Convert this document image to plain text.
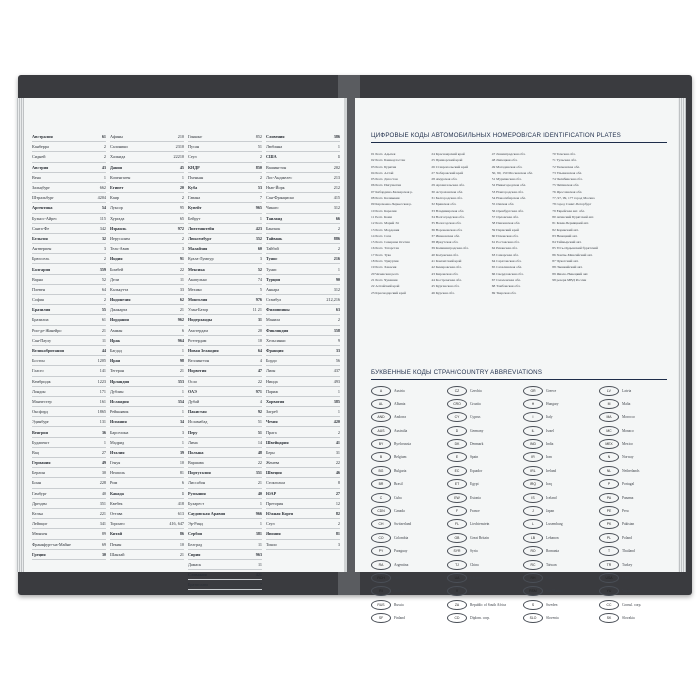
Австралия	61
Канберра	2
Сидней	2
Австрия	43
Вена	1
Зальцбург	662
Штральбург	4204
Аргентина	54
Буэнос-Айрес	115
Санта-Фе	342
Бельгия	32
Антверпен	3
Брюссель	2
Болгария	359
Варна	52
Плевен	64
София	2
Бразилия	55
Бразилиа	61
Рио-де-Жанейро	21
Сан-Паулу	11
Великобритания	44
Бостон	1205
Гласго	141
Кембридж	1223
Лондон	171
Манчестер	161
Оксфорд	1865
Эдинбург	131
Венгрия	36
Будапешт	1
Вац	27
Германия	49
Берлин	30
Бонн	228
Гамбург	40
Дрезден	351
Кельн	221
Лейпциг	341
Мюнхен	89
Франкфурт-на-Майне	69
Греция	30
Афины	210
Салоники	2310
Халкида	22210
Дания	45
Копенгаген	1
Египет	20
Каир	2
Луксор	95
Хургада	65
Израиль	972
Иерусалим	2
Тель-Авив	3
Индия	91
Бомбей	22
Дели	11
Калькутта	33
Индонезия	62
Джакарта	21
Иордания	962
Амман	6
Ирак	964
Багдад	1
Иран	98
Тегеран	21
Ирландия	353
Дублин	1
Исландия	354
Рейкьявик	1
Испания	34
Барселона	3
Мадрид	1
Италия	39
Генуя	10
Неаполь	81
Рим	6
Канада	1
Квебек	418
Оттава	613
Торонто	416, 647
Китай	86
Пекин	10
Шанхай	21
Гонконг	852
Пусан	51
Сеул	2
КНДР	850
Пхеньян	2
Куба	53
Гавана	7
Кувейт	965
Бейрут	1
Лихтенштейн	423
Люксембург	352
Малайзия	60
Куала-Лумпур	3
Мексика	52
Акапулько	74
Мехико	5
Монголия	976
Улан-Батор	11 21
Нидерланды	31
Амстердам	20
Роттердам	10
Новая Зеландия	64
Веллингтон	4
Норвегия	47
Осло	22
ОАЭ	971
Дубай	4
Пакистан	92
Исламабад	51
Перу	51
Лима	14
Польша	48
Варшава	22
Португалия	351
Лиссабон	21
Румыния	40
Бухарест	1
Саудовская Аравия	966
Эр-Рияд	1
Сербия	381
Белград	11
Сирия	963
Дамаск	11
Словакия	421
Братислава	7
Словения	386
Любляна	1
США	1
Вашингтон	202
Лос-Анджелес	213
Нью-Йорк	212
Сан-Франциско	415
Чикаго	312
Таиланд	66
Бангкок	2
Тайвань	886
Тайбэй	2
Тунис	216
Тунис	1
Турция	90
Анкара	312
Стамбул	212,216
Филиппины	63
Манила	2
Финляндия	358
Хельсинки	9
Франция	33
Бордо	56
Лион	437
Ницца	493
Париж	1
Хорватия	385
Загреб	1
Чехия	420
Прага	2
Швейцария	41
Берн	31
Женева	22
Швеция	46
Стокгольм	8
ЮАР	27
Претория	12
Южная Корея	82
Сеул	2
Япония	81
Токио	3
ЦИФРОВЫЕ КОДЫ АВТОМОБИЛЬНЫХ НОМЕРОВ/CAR IDENTIFICATION PLATES
01 Респ. Адыгея
02 Респ. Башкортостан
03 Респ. Бурятия
04 Респ. Алтай
05 Респ. Дагестан
06 Респ. Ингушетия
07 Кабардино-Балкарская р.
08 Респ. Калмыкия
09 Карачаево-Черкесская р.
10 Респ. Карелия
11 Респ. Коми
12 Респ. Марий Эл
13 Респ. Мордовия
14 Респ. Саха
15 Респ. Северная Осетия
16 Респ. Татарстан
17 Респ. Тува
18 Респ. Удмуртия
19 Респ. Хакасия
20 Чеченская респ.
21 Респ. Чувашия
22 Алтайский край
23 Краснодарский край
24 Красноярский край
25 Приморский край
26 Ставропольский край
27 Хабаровский край
28 Амурская обл.
29 Архангельская обл.
30 Астраханская обл.
31 Белгородская обл.
32 Брянская обл.
33 Владимирская обл.
34 Волгоградская обл.
35 Вологодская обл.
36 Воронежская обл.
37 Ивановская обл.
38 Иркутская обл.
39 Калининградская обл.
40 Калужская обл.
41 Камчатский край
42 Кемеровская обл.
43 Кировская обл.
44 Костромская обл.
45 Курганская обл.
46 Курская обл.
47 Ленинградская обл.
48 Липецкая обл.
49 Магаданская обл.
50, 90, 150 Московская обл.
51 Мурманская обл.
52 Нижегородская обл.
53 Новгородская обл.
54 Новосибирская обл.
55 Омская обл.
56 Оренбургская обл.
57 Орловская обл.
58 Пензенская обл.
59 Пермский край
60 Псковская обл.
61 Ростовская обл.
62 Рязанская обл.
63 Самарская обл.
64 Саратовская обл.
65 Сахалинская обл.
66 Свердловская обл.
67 Смоленская обл.
68 Тамбовская обл.
69 Тверская обл.
70 Томская обл.
71 Тульская обл.
72 Тюменская обл.
73 Ульяновская обл.
74 Челябинская обл.
75 Читинская обл.
76 Ярославская обл.
77, 97, 99, 177 город Москва
78 город Санкт-Петербург
79 Еврейская авт. обл.
80 Агинский Бурятский авт.
81 Коми-Пермяцкий авт.
82 Корякский авт.
83 Ненецкий авт.
84 Таймырский авт.
85 Усть-Ордынский бурятский
86 Ханты-Мансийский авт.
87 Чукотский авт.
88 Эвенкийский авт.
89 Ямало-Ненецкий авт.
98 резерв МВД России
БУКВЕННЫЕ КОДЫ СТРАН/COUNTRY ABBREVIATIONS
A	Austria	CZ	Czechia	GR	Greece	LV	Latvia
AL	Albania	CRO	Croatia	H	Hungary	M	Malta
AND	Andorra	CY	Cyprus	I	Italy	MA	Morocco
AUS	Australia	D	Germany	IL	Israel	MC	Monaco
BY	Byelorussia	DK	Denmark	IND	India	MEX	Mexico
B	Belgium	E	Spain	IR	Iran	N	Norway
BG	Bulgaria	EC	Equador	IRL	Ireland	NL	Netherlands
BR	Brasil	ET	Egypt	IRQ	Iraq	P	Portugal
C	Cuba	EW	Estonia	IS	Iceland	PA	Panama
CDN	Canada	F	France	J	Japan	PE	Peru
CH	Switzerland	FL	Liechtenstein	L	Luxemburg	PK	Pakistan
CO	Colombia	GB	Great Britain	LB	Lebanon	PL	Poland
PY	Paraguay	SYR	Syria	RO	Romania	T	Thailand
RA	Argentina	TJ	China	RC	Taiwan	TR	Turkey
RCH	Chile	UA	Ukraine	RH	Haiti	USA	USA
RI	Indonesia	V	Vatican	RSM	San Marino	YU	Yugoslavia
RUS	Russia	ZA	Republic of South Africa	S	Sweden	CC	Consul. corp.
SF	Finland	CD	Diplom. corp.	SLO	Slovenia	SK	Slovakia
